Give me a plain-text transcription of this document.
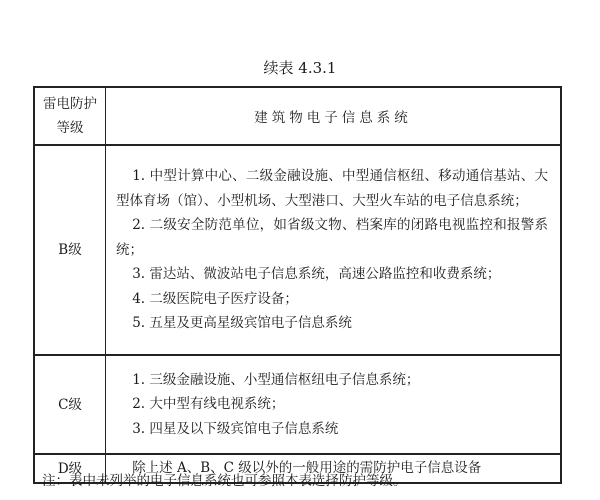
续表 4.3.1
雷电防护
等级	建筑物电子信息系统
B级	1. 中型计算中心、二级金融设施、中型通信枢纽、移动通信基站、大型体育场（馆）、小型机场、大型港口、大型火车站的电子信息系统；

2. 二级安全防范单位，如省级文物、档案库的闭路电视监控和报警系统；

3. 雷达站、微波站电子信息系统，高速公路监控和收费系统；

4. 二级医院电子医疗设备；

5. 五星及更高星级宾馆电子信息系统

C级	1. 三级金融设施、小型通信枢纽电子信息系统；

2. 大中型有线电视系统；

3. 四星及以下级宾馆电子信息系统

D级	除上述 A、B、C 级以外的一般用途的需防护电子信息设备

注：表中未列举的电子信息系统也可参照本表选择防护等级。
